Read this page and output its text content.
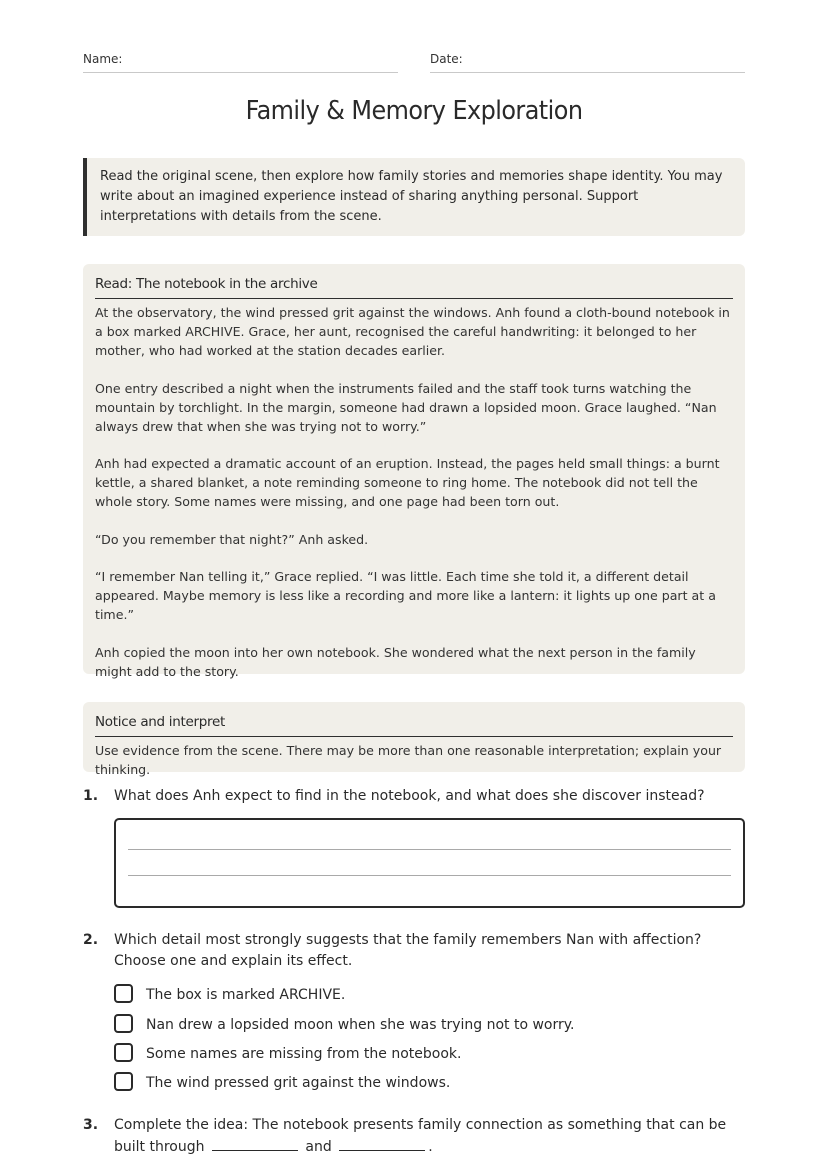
Name:	Date:
Family & Memory Exploration
Read the original scene, then explore how family stories and memories shape identity. You may write about an imagined experience instead of sharing anything personal. Support interpretations with details from the scene.
Read: The notebook in the archive

At the observatory, the wind pressed grit against the windows. Anh found a cloth-bound notebook in a box marked ARCHIVE. Grace, her aunt, recognised the careful handwriting: it belonged to her mother, who had worked at the station decades earlier.

One entry described a night when the instruments failed and the staff took turns watching the mountain by torchlight. In the margin, someone had drawn a lopsided moon. Grace laughed. “Nan always drew that when she was trying not to worry.”

Anh had expected a dramatic account of an eruption. Instead, the pages held small things: a burnt kettle, a shared blanket, a note reminding someone to ring home. The notebook did not tell the whole story. Some names were missing, and one page had been torn out.

“Do you remember that night?” Anh asked.

“I remember Nan telling it,” Grace replied. “I was little. Each time she told it, a different detail appeared. Maybe memory is less like a recording and more like a lantern: it lights up one part at a time.”

Anh copied the moon into her own notebook. She wondered what the next person in the family might add to the story.

Notice and interpret
Use evidence from the scene. There may be more than one reasonable interpretation; explain your thinking.
1. What does Anh expect to find in the notebook, and what does she discover instead?
2. Which detail most strongly suggests that the family remembers Nan with affection? Choose one and explain its effect.
The box is marked ARCHIVE.
Nan drew a lopsided moon when she was trying not to worry.
Some names are missing from the notebook.
The wind pressed grit against the windows.
3. Complete the idea: The notebook presents family connection as something that can be built through	and	.
